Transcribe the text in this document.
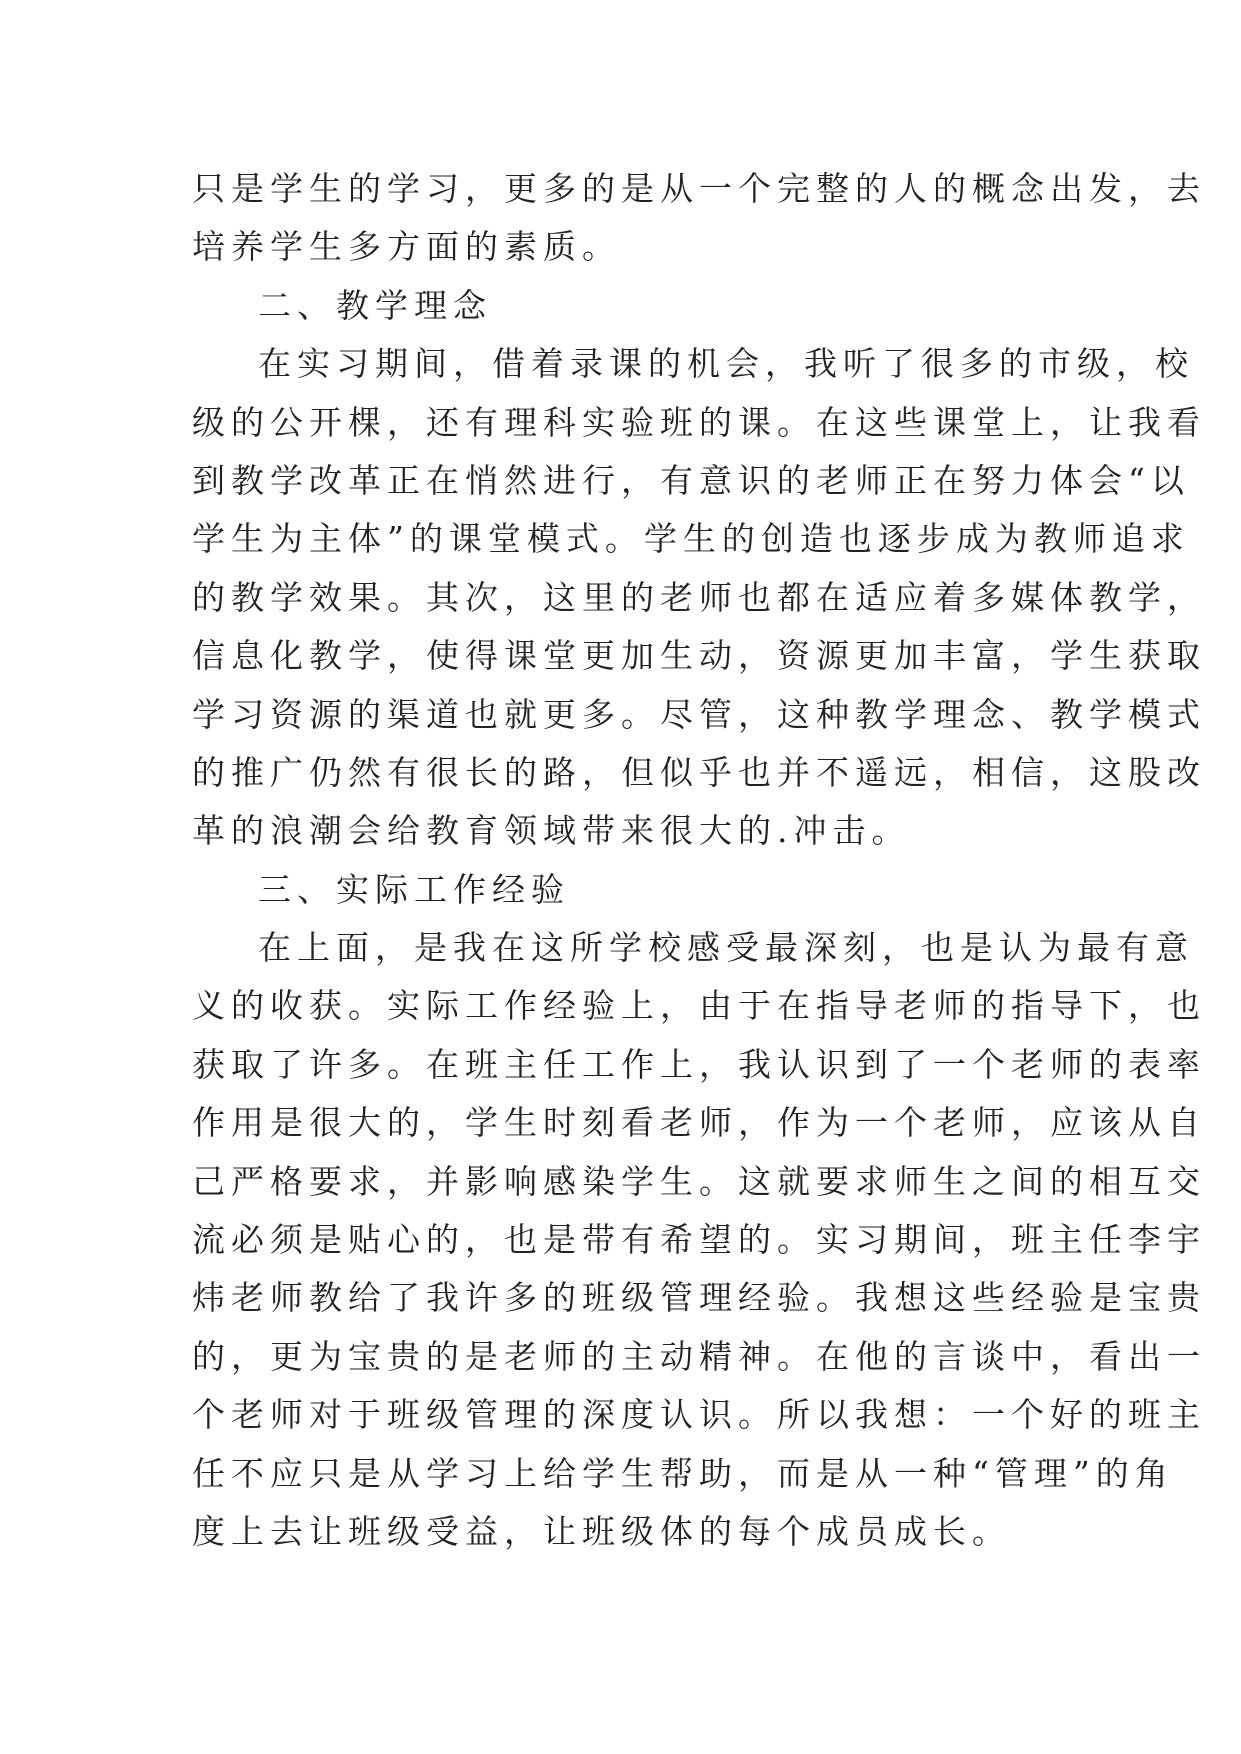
只是学生的学习，更多的是从一个完整的人的概念出发，去
培养学生多方面的素质。
二、教学理念
在实习期间，借着录课的机会，我听了很多的市级，校
级的公开棵，还有理科实验班的课。在这些课堂上，让我看
到教学改革正在悄然进行，有意识的老师正在努力体会“以
学生为主体”的课堂模式。学生的创造也逐步成为教师追求
的教学效果。其次，这里的老师也都在适应着多媒体教学，
信息化教学，使得课堂更加生动，资源更加丰富，学生获取
学习资源的渠道也就更多。尽管，这种教学理念、教学模式
的推广仍然有很长的路，但似乎也并不遥远，相信，这股改
革的浪潮会给教育领域带来很大的.冲击。
三、实际工作经验
在上面，是我在这所学校感受最深刻，也是认为最有意
义的收获。实际工作经验上，由于在指导老师的指导下，也
获取了许多。在班主任工作上，我认识到了一个老师的表率
作用是很大的，学生时刻看老师，作为一个老师，应该从自
己严格要求，并影响感染学生。这就要求师生之间的相互交
流必须是贴心的，也是带有希望的。实习期间，班主任李宇
炜老师教给了我许多的班级管理经验。我想这些经验是宝贵
的，更为宝贵的是老师的主动精神。在他的言谈中，看出一
个老师对于班级管理的深度认识。所以我想：一个好的班主
任不应只是从学习上给学生帮助，而是从一种“管理”的角
度上去让班级受益，让班级体的每个成员成长。
